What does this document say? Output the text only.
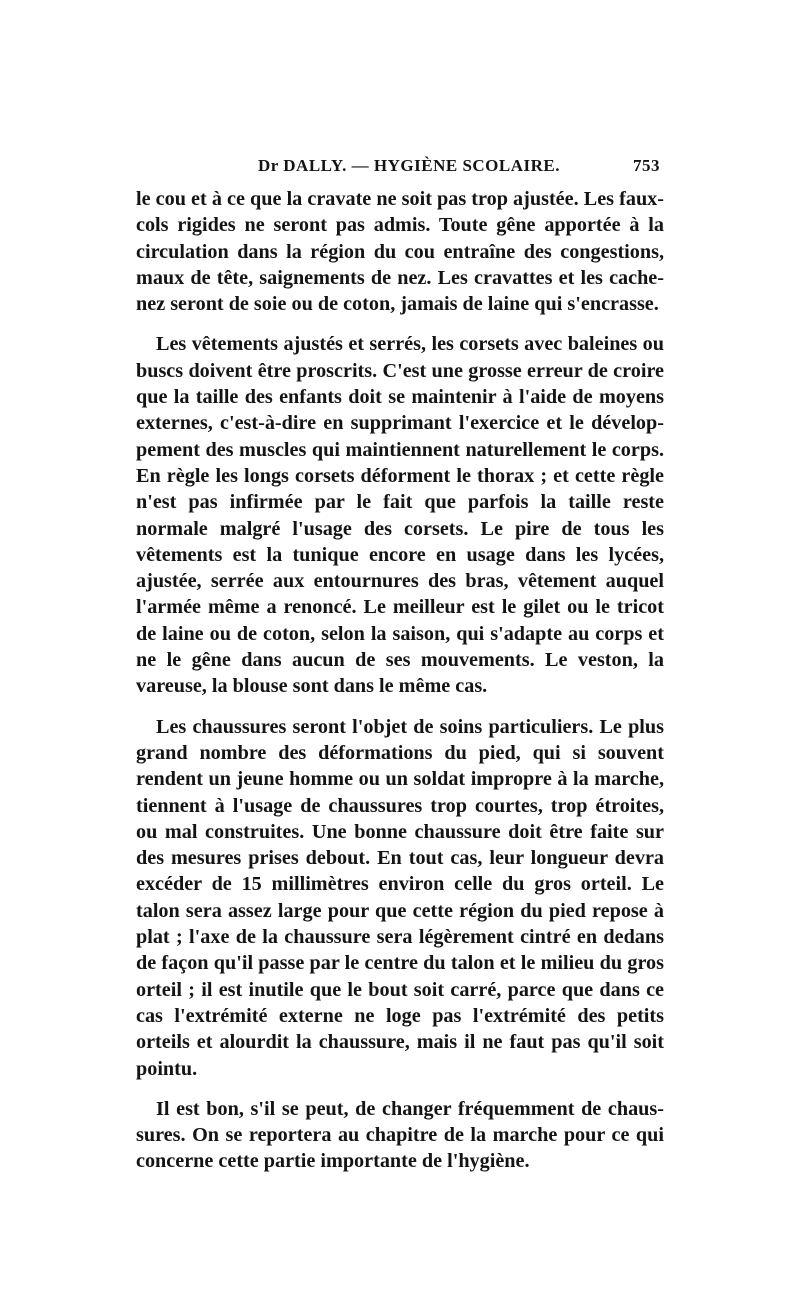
Dr DALLY. — HYGIÈNE SCOLAIRE.	753

le cou et à ce que la cravate ne soit pas trop ajustée. Les faux-cols rigides ne seront pas admis. Toute gêne apportée à la circulation dans la région du cou entraîne des congestions, maux de tête, saignements de nez. Les cravattes et les cache-nez seront de soie ou de coton, jamais de laine qui s'encrasse.

Les vêtements ajustés et serrés, les corsets avec baleines ou buscs doivent être proscrits. C'est une grosse erreur de croire que la taille des enfants doit se maintenir à l'aide de moyens externes, c'est-à-dire en supprimant l'exercice et le développement des muscles qui maintiennent naturellement le corps. En règle les longs corsets déforment le thorax ; et cette règle n'est pas infirmée par le fait que parfois la taille reste normale malgré l'usage des corsets. Le pire de tous les vêtements est la tunique encore en usage dans les lycées, ajustée, serrée aux entournures des bras, vêtement auquel l'armée même a renoncé. Le meilleur est le gilet ou le tricot de laine ou de coton, selon la saison, qui s'adapte au corps et ne le gêne dans aucun de ses mouvements. Le veston, la vareuse, la blouse sont dans le même cas.

Les chaussures seront l'objet de soins particuliers. Le plus grand nombre des déformations du pied, qui si souvent rendent un jeune homme ou un soldat impropre à la marche, tiennent à l'usage de chaussures trop courtes, trop étroites, ou mal construites. Une bonne chaussure doit être faite sur des mesures prises debout. En tout cas, leur longueur devra excéder de 15 millimètres environ celle du gros orteil. Le talon sera assez large pour que cette région du pied repose à plat ; l'axe de la chaussure sera légèrement cintré en dedans de façon qu'il passe par le centre du talon et le milieu du gros orteil ; il est inutile que le bout soit carré, parce que dans ce cas l'extrémité externe ne loge pas l'extrémité des petits orteils et alourdit la chaussure, mais il ne faut pas qu'il soit pointu.

Il est bon, s'il se peut, de changer fréquemment de chaussures. On se reportera au chapitre de la marche pour ce qui concerne cette partie importante de l'hygiène.
